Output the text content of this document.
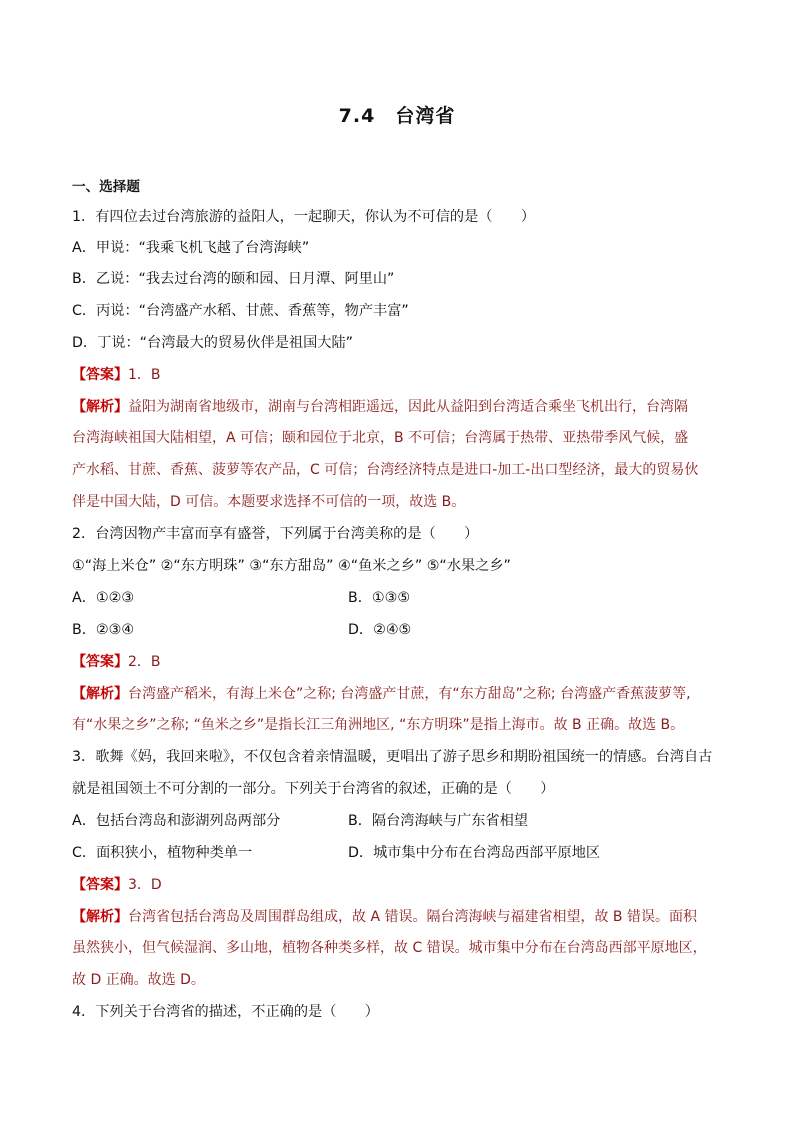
7.4　台湾省
一、选择题
1．有四位去过台湾旅游的益阳人，一起聊天，你认为不可信的是（　　）
A．甲说：“我乘飞机飞越了台湾海峡”
B．乙说：“我去过台湾的颐和园、日月潭、阿里山”
C．丙说：“台湾盛产水稻、甘蔗、香蕉等，物产丰富”
D．丁说：“台湾最大的贸易伙伴是祖国大陆”
【答案】1．B
【解析】益阳为湖南省地级市，湖南与台湾相距遥远，因此从益阳到台湾适合乘坐飞机出行，台湾隔
台湾海峡祖国大陆相望，A 可信；颐和园位于北京，B 不可信；台湾属于热带、亚热带季风气候，盛
产水稻、甘蔗、香蕉、菠萝等农产品，C 可信；台湾经济特点是进口-加工-出口型经济，最大的贸易伙
伴是中国大陆，D 可信。本题要求选择不可信的一项，故选 B。
2．台湾因物产丰富而享有盛誉，下列属于台湾美称的是（　　）
①“海上米仓” ②“东方明珠” ③“东方甜岛” ④“鱼米之乡” ⑤“水果之乡”
A．①②③	B．①③⑤
B．②③④	D．②④⑤
【答案】2．B
【解析】台湾盛产稻米，有海上米仓”之称; 台湾盛产甘蔗，有“东方甜岛”之称; 台湾盛产香蕉菠萝等,
有“水果之乡”之称; “鱼米之乡”是指长江三角洲地区, “东方明珠”是指上海市。故 B 正确。故选 B。
3．歌舞《妈，我回来啦》，不仅包含着亲情温暖，更唱出了游子思乡和期盼祖国统一的情感。台湾自古
就是祖国领土不可分割的一部分。下列关于台湾省的叙述，正确的是（　　）
A．包括台湾岛和澎湖列岛两部分	B．隔台湾海峡与广东省相望
C．面积狭小，植物种类单一	D．城市集中分布在台湾岛西部平原地区
【答案】3．D
【解析】台湾省包括台湾岛及周围群岛组成，故 A 错误。隔台湾海峡与福建省相望，故 B 错误。面积
虽然狭小，但气候湿润、多山地，植物各种类多样，故 C 错误。城市集中分布在台湾岛西部平原地区，
故 D 正确。故选 D。
4．下列关于台湾省的描述，不正确的是（　　）
